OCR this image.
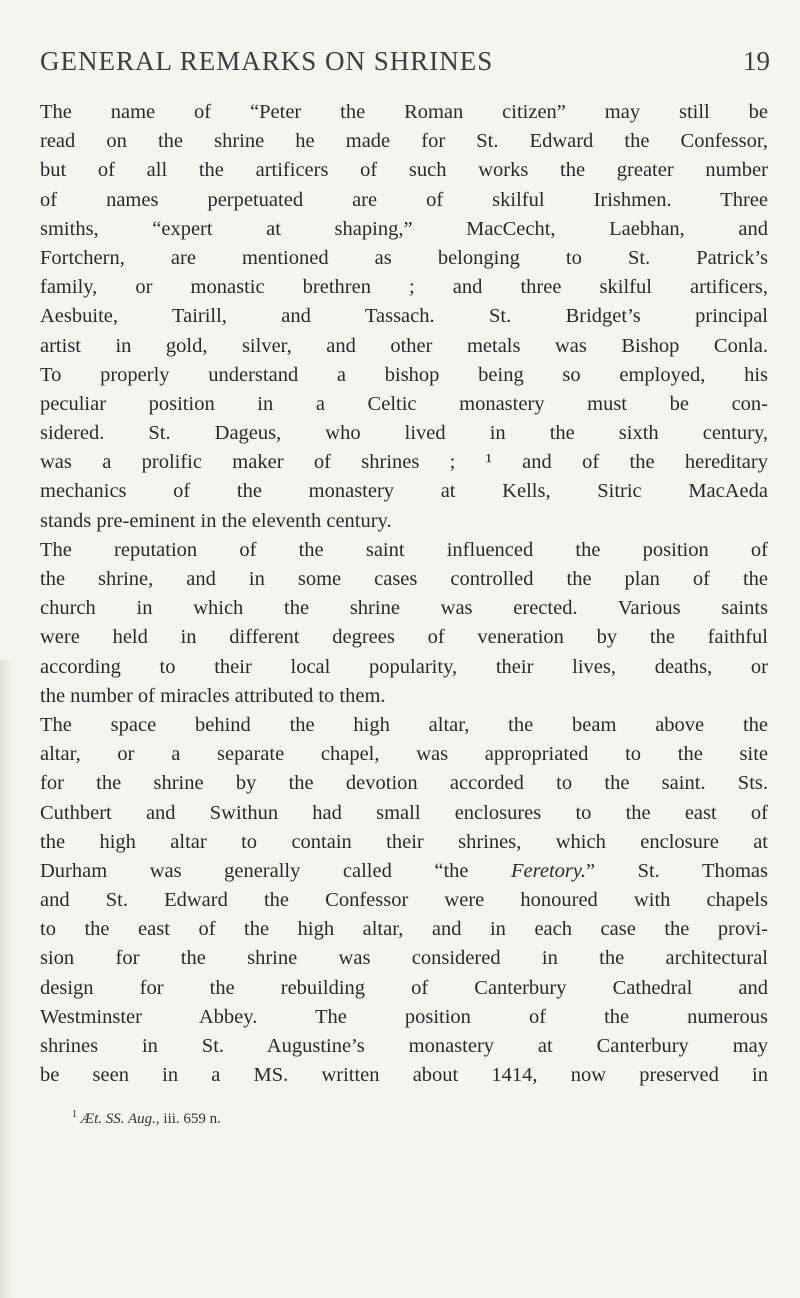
GENERAL REMARKS ON SHRINES	19
The name of “Peter the Roman citizen” may still be
read on the shrine he made for St. Edward the Confessor,
but of all the artificers of such works the greater number
of names perpetuated are of skilful Irishmen. Three
smiths, “expert at shaping,” MacCecht, Laebhan, and
Fortchern, are mentioned as belonging to St. Patrick’s
family, or monastic brethren ; and three skilful artificers,
Aesbuite, Tairill, and Tassach. St. Bridget’s principal
artist in gold, silver, and other metals was Bishop Conla.
To properly understand a bishop being so employed, his
peculiar position in a Celtic monastery must be con-
sidered. St. Dageus, who lived in the sixth century,
was a prolific maker of shrines ; ¹ and of the hereditary
mechanics of the monastery at Kells, Sitric MacAeda
stands pre-eminent in the eleventh century.
The reputation of the saint influenced the position of
the shrine, and in some cases controlled the plan of the
church in which the shrine was erected. Various saints
were held in different degrees of veneration by the faithful
according to their local popularity, their lives, deaths, or
the number of miracles attributed to them.
The space behind the high altar, the beam above the
altar, or a separate chapel, was appropriated to the site
for the shrine by the devotion accorded to the saint. Sts.
Cuthbert and Swithun had small enclosures to the east of
the high altar to contain their shrines, which enclosure at
Durham was generally called “the Feretory.” St. Thomas
and St. Edward the Confessor were honoured with chapels
to the east of the high altar, and in each case the provi-
sion for the shrine was considered in the architectural
design for the rebuilding of Canterbury Cathedral and
Westminster Abbey. The position of the numerous
shrines in St. Augustine’s monastery at Canterbury may
be seen in a MS. written about 1414, now preserved in
$^1$ Æt. SS. Aug., iii. 659 n.
